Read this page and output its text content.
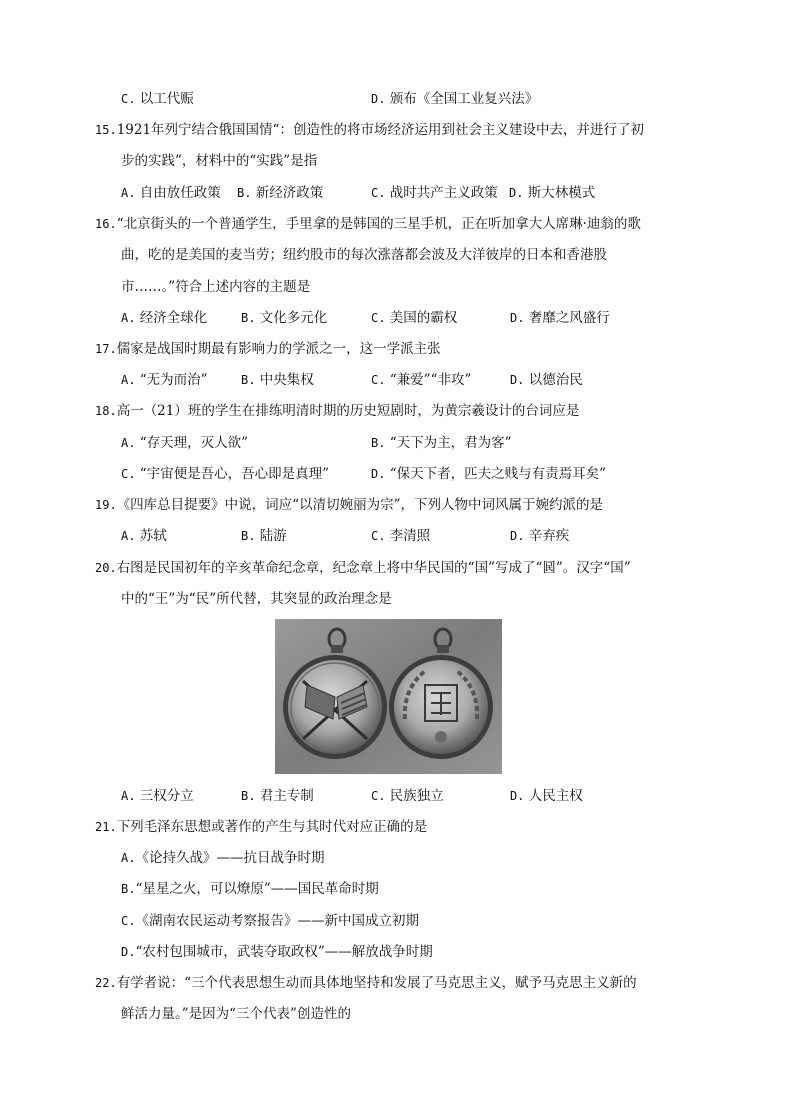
C. 以工代赈	D. 颁布《全国工业复兴法》
15.1921年列宁结合俄国国情“：创造性的将市场经济运用到社会主义建设中去，并进行了初
步的实践”，材料中的“实践”是指
A. 自由放任政策 B. 新经济政策	C. 战时共产主义政策 D. 斯大林模式
16.“北京街头的一个普通学生，手里拿的是韩国的三星手机，正在听加拿大人席琳·迪翁的歌
曲，吃的是美国的麦当劳；纽约股市的每次涨落都会波及大洋彼岸的日本和香港股
市……。”符合上述内容的主题是
A. 经济全球化	B. 文化多元化	C. 美国的霸权	D. 奢靡之风盛行
17.儒家是战国时期最有影响力的学派之一，这一学派主张
A. “无为而治”	B. 中央集权	C. “兼爱”“非攻”	D. 以德治民
18.高一（21）班的学生在排练明清时期的历史短剧时，为黄宗羲设计的台词应是
A. “存天理，灭人欲”	B. “天下为主，君为客”
C. “宇宙便是吾心，吾心即是真理”	D. “保天下者，匹夫之贱与有责焉耳矣”
19.《四库总目提要》中说，词应“以清切婉丽为宗”，下列人物中词风属于婉约派的是
A. 苏轼	B. 陆游	C. 李清照	D. 辛弃疾
20.右图是民国初年的辛亥革命纪念章，纪念章上将中华民国的“国”写成了“囻”。汉字“国”
中的“王”为“民”所代替，其突显的政治理念是
A. 三权分立	B. 君主专制	C. 民族独立	D. 人民主权
21.下列毛泽东思想或著作的产生与其时代对应正确的是
A.《论持久战》——抗日战争时期
B.“星星之火，可以燎原”——国民革命时期
C.《湖南农民运动考察报告》——新中国成立初期
D.“农村包围城市，武装夺取政权”——解放战争时期
22.有学者说：“三个代表思想生动而具体地坚持和发展了马克思主义，赋予马克思主义新的
鲜活力量。”是因为“三个代表”创造性的
